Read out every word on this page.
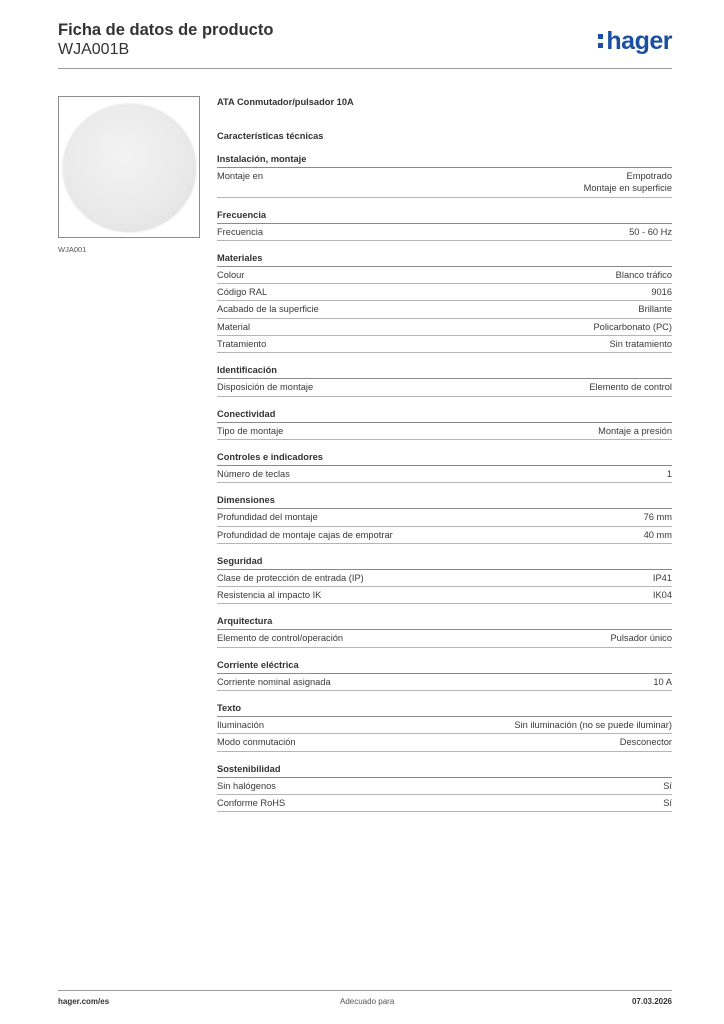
Ficha de datos de producto
WJA001B	hager
WJA001
ATA Conmutador/pulsador 10A
Características técnicas
Instalación, montaje
Montaje en	Empotrado
Montaje en superficie
Frecuencia
Frecuencia	50 - 60 Hz
Materiales
Colour	Blanco tráfico
Código RAL	9016
Acabado de la superficie	Brillante
Material	Policarbonato (PC)
Tratamiento	Sin tratamiento
Identificación
Disposición de montaje	Elemento de control
Conectividad
Tipo de montaje	Montaje a presión
Controles e indicadores
Número de teclas	1
Dimensiones
Profundidad del montaje	76 mm
Profundidad de montaje cajas de empotrar	40 mm
Seguridad
Clase de protección de entrada (IP)	IP41
Resistencia al impacto IK	IK04
Arquitectura
Elemento de control/operación	Pulsador único
Corriente eléctrica
Corriente nominal asignada	10 A
Texto
Iluminación	Sin iluminación (no se puede iluminar)
Modo conmutación	Desconector
Sostenibilidad
Sin halógenos	Sí
Conforme RoHS	Sí
hager.com/es	Adecuado para	07.03.2026
